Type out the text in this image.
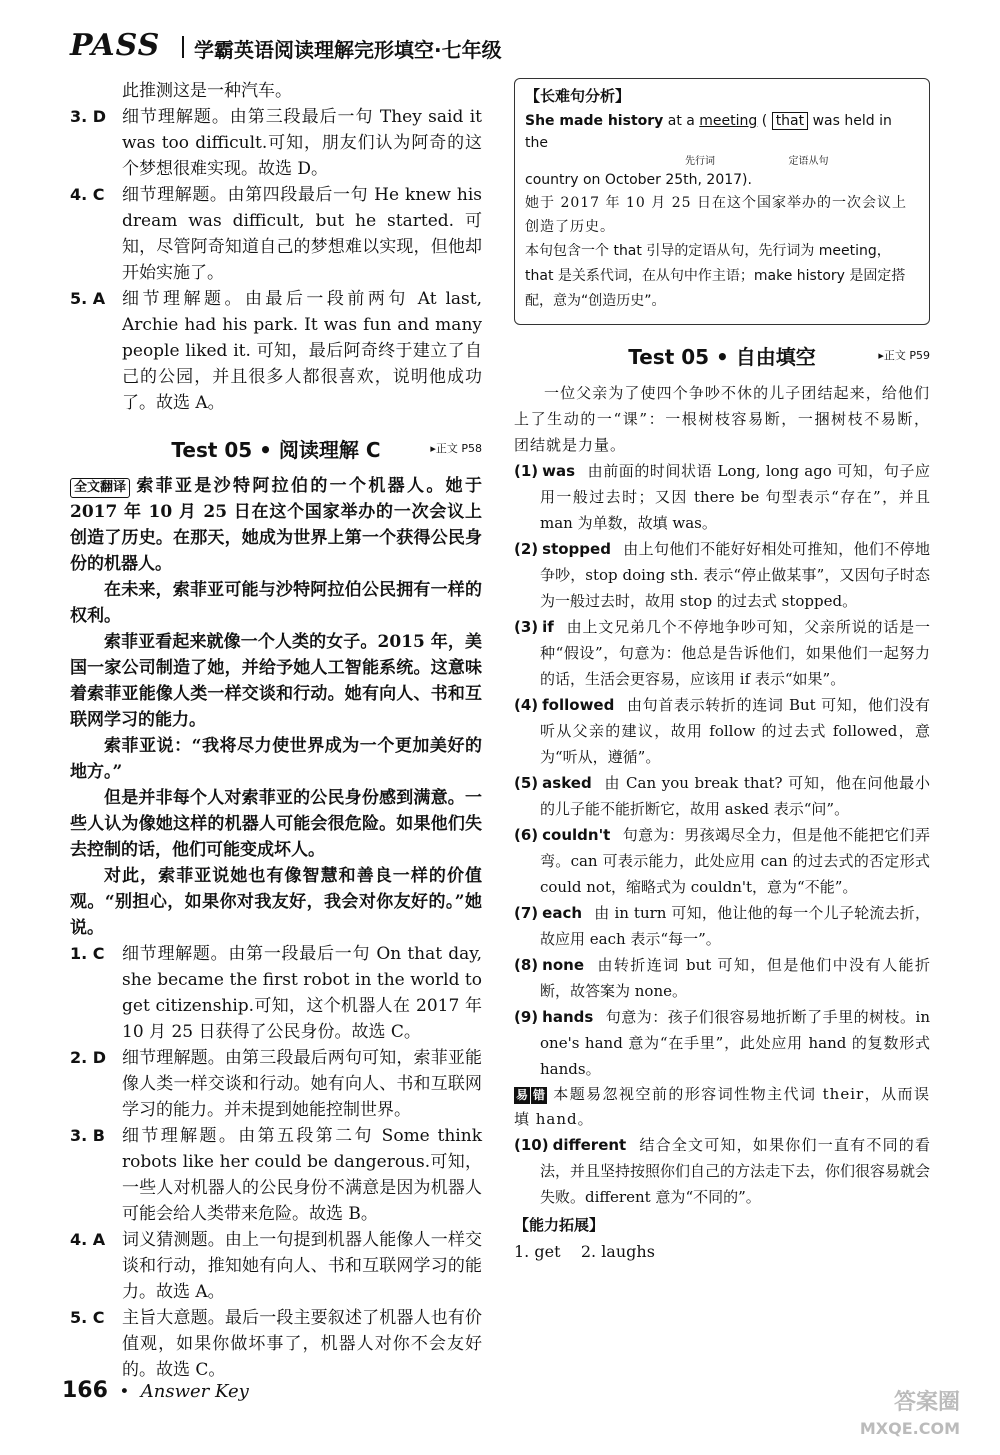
PASS 学霸英语阅读理解完形填空·七年级

此推测这是一种汽车。

3. D 细节理解题。由第三段最后一句 They said it was too difficult.可知，朋友们认为阿奇的这个梦想很难实现。故选 D。

4. C 细节理解题。由第四段最后一句 He knew his dream was difficult, but he started. 可知，尽管阿奇知道自己的梦想难以实现，但他却开始实施了。

5. A 细节理解题。由最后一段前两句 At last, Archie had his park. It was fun and many people liked it. 可知，最后阿奇终于建立了自己的公园，并且很多人都很喜欢，说明他成功了。故选 A。

Test 05 • 阅读理解 C	▸正文 P58

全文翻译 索菲亚是沙特阿拉伯的一个机器人。她于 2017 年 10 月 25 日在这个国家举办的一次会议上创造了历史。在那天，她成为世界上第一个获得公民身份的机器人。

在未来，索菲亚可能与沙特阿拉伯公民拥有一样的权利。

索菲亚看起来就像一个人类的女子。2015 年，美国一家公司制造了她，并给予她人工智能系统。这意味着索菲亚能像人类一样交谈和行动。她有向人、书和互联网学习的能力。

索菲亚说：“我将尽力使世界成为一个更加美好的地方。”

但是并非每个人对索菲亚的公民身份感到满意。一些人认为像她这样的机器人可能会很危险。如果他们失去控制的话，他们可能变成坏人。

对此，索菲亚说她也有像智慧和善良一样的价值观。“别担心，如果你对我友好，我会对你友好的。”她说。

1. C 细节理解题。由第一段最后一句 On that day, she became the first robot in the world to get citizenship.可知，这个机器人在 2017 年 10 月 25 日获得了公民身份。故选 C。

2. D 细节理解题。由第三段最后两句可知，索菲亚能像人类一样交谈和行动。她有向人、书和互联网学习的能力。并未提到她能控制世界。

3. B 细节理解题。由第五段第二句 Some think robots like her could be dangerous.可知，一些人对机器人的公民身份不满意是因为机器人可能会给人类带来危险。故选 B。

4. A 词义猜测题。由上一句提到机器人能像人一样交谈和行动，推知她有向人、书和互联网学习的能力。故选 A。

5. C 主旨大意题。最后一段主要叙述了机器人也有价值观，如果你做坏事了，机器人对你不会友好的。故选 C。

【长难句分析】
She made history at a meeting ( that was held in the
先行词	定语从句
country on October 25th, 2017).
她于 2017 年 10 月 25 日在这个国家举办的一次会议上创造了历史。
本句包含一个 that 引导的定语从句，先行词为 meeting，that 是关系代词，在从句中作主语；make history 是固定搭配，意为“创造历史”。
Test 05 • 自由填空	▸正文 P59

一位父亲为了使四个争吵不休的儿子团结起来，给他们上了生动的一“课”：一根树枝容易断，一捆树枝不易断，团结就是力量。

(1) was 由前面的时间状语 Long, long ago 可知，句子应用一般过去时；又因 there be 句型表示“存在”，并且 man 为单数，故填 was。

(2) stopped 由上句他们不能好好相处可推知，他们不停地争吵，stop doing sth. 表示“停止做某事”，又因句子时态为一般过去时，故用 stop 的过去式 stopped。

(3) if 由上文兄弟几个不停地争吵可知，父亲所说的话是一种“假设”，句意为：他总是告诉他们，如果他们一起努力的话，生活会更容易，应该用 if 表示“如果”。

(4) followed 由句首表示转折的连词 But 可知，他们没有听从父亲的建议，故用 follow 的过去式 followed，意为“听从，遵循”。

(5) asked 由 Can you break that? 可知，他在问他最小的儿子能不能折断它，故用 asked 表示“问”。

(6) couldn't 句意为：男孩竭尽全力，但是他不能把它们弄弯。can 可表示能力，此处应用 can 的过去式的否定形式 could not，缩略式为 couldn't，意为“不能”。

(7) each 由 in turn 可知，他让他的每一个儿子轮流去折，故应用 each 表示“每一”。

(8) none 由转折连词 but 可知，但是他们中没有人能折断，故答案为 none。

(9) hands 句意为：孩子们很容易地折断了手里的树枝。in one's hand 意为“在手里”，此处应用 hand 的复数形式 hands。

易 错 本题易忽视空前的形容词性物主代词 their，从而误填 hand。

(10) different 结合全文可知，如果你们一直有不同的看法，并且坚持按照你们自己的方法走下去，你们很容易就会失败。different 意为“不同的”。

【能力拓展】
1. get    2. laughs
166 • Answer Key	答案圈
MXQE.COM
